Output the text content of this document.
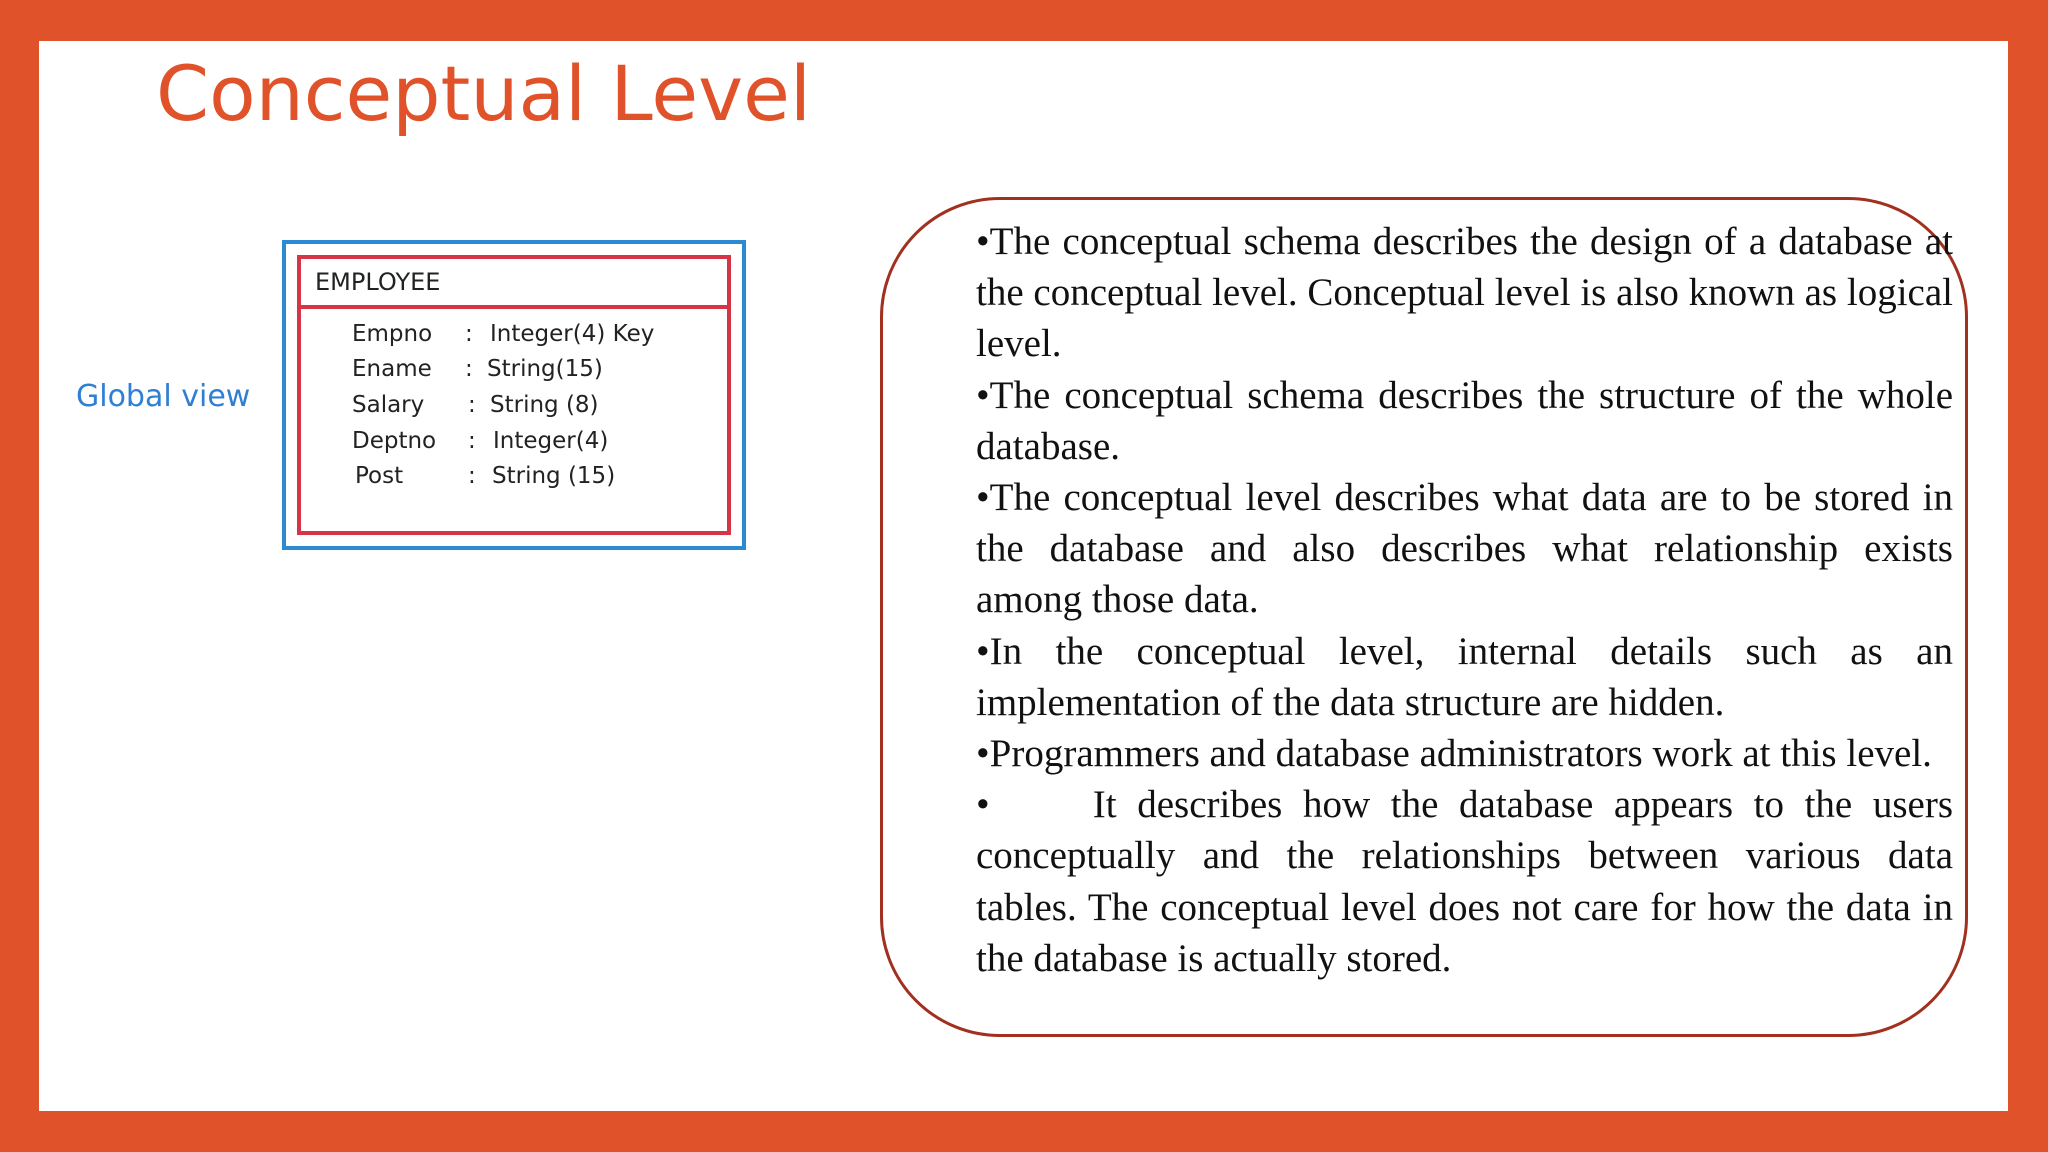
Conceptual Level
Global view
EMPLOYEE
Empno : Integer(4) Key
Ename : String(15)
Salary : String (8)
Deptno : Integer(4)
Post	: String (15)

•The conceptual schema describes the design of a database at the conceptual level. Conceptual level is also known as logical level.

•The conceptual schema describes the structure of the whole database.

•The conceptual level describes what data are to be stored in the database and also describes what relationship exists among those data.

•In the conceptual level, internal details such as an implementation of the data structure are hidden.

•Programmers and database administrators work at this level.

•     It describes how the database appears to the users conceptually and the relationships between various data tables. The conceptual level does not care for how the data in the database is actually stored.
